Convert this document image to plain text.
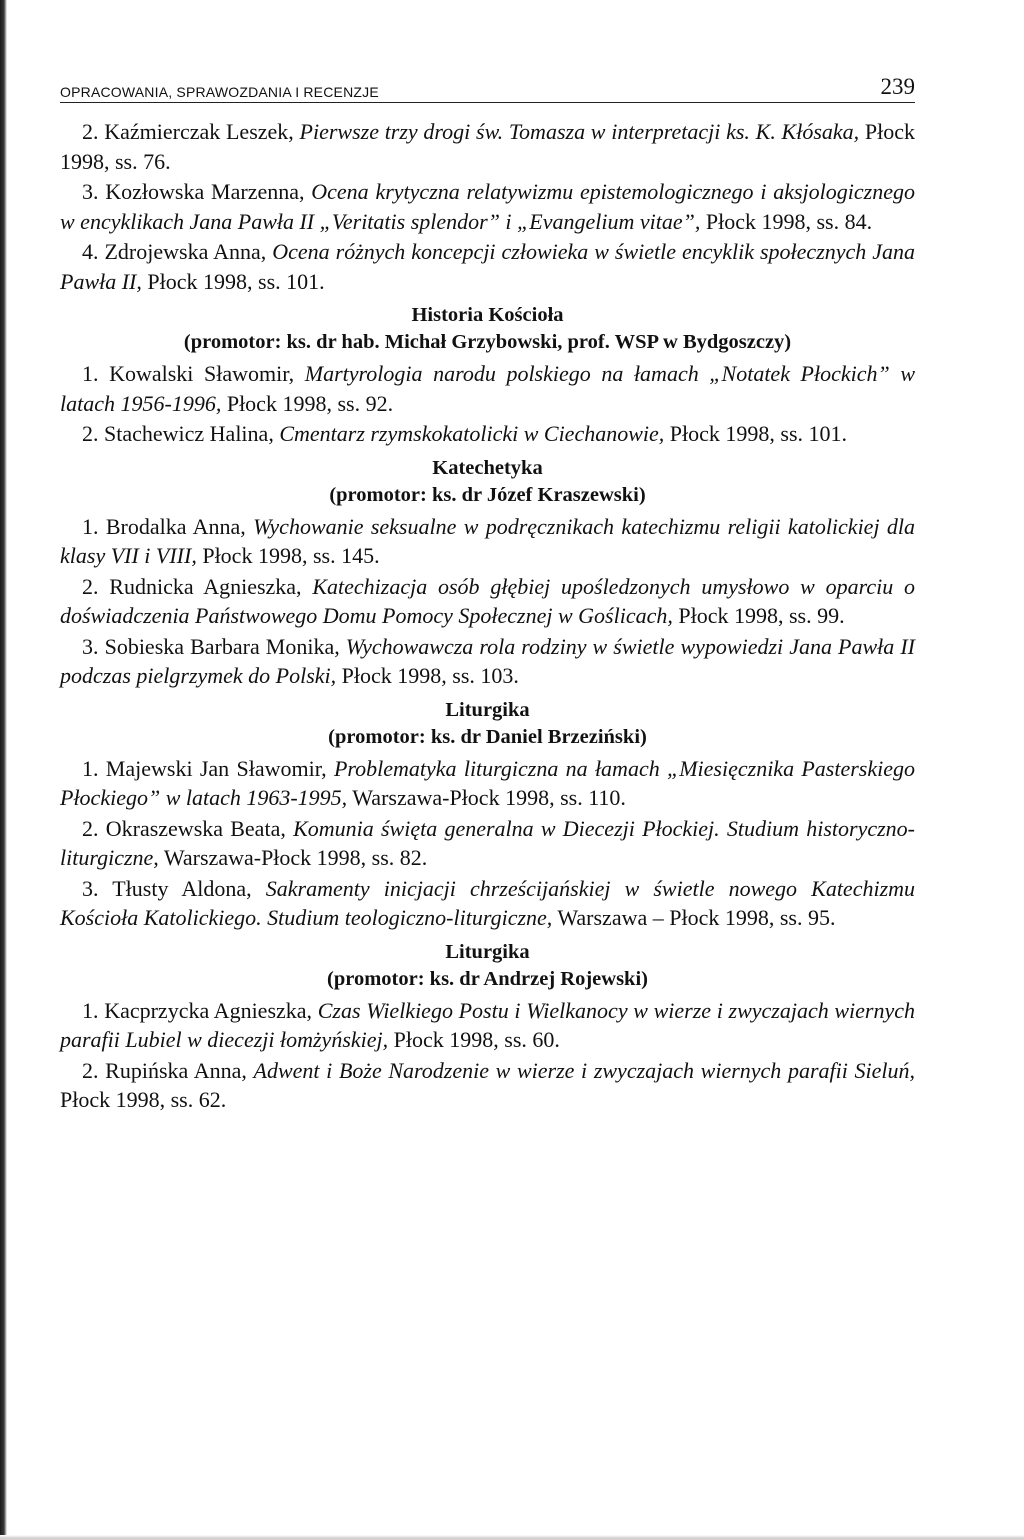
OPRACOWANIA, SPRAWOZDANIA I RECENZJE	239

2. Kaźmierczak Leszek, Pierwsze trzy drogi św. Tomasza w interpretacji ks. K. Kłósaka, Płock 1998, ss. 76.

3. Kozłowska Marzenna, Ocena krytyczna relatywizmu epistemologicznego i aksjologicznego w encyklikach Jana Pawła II „Veritatis splendor” i „Evangelium vitae”, Płock 1998, ss. 84.

4. Zdrojewska Anna, Ocena różnych koncepcji człowieka w świetle encyklik społecznych Jana Pawła II, Płock 1998, ss. 101.

Historia Kościoła
(promotor: ks. dr hab. Michał Grzybowski, prof. WSP w Bydgoszczy)

1. Kowalski Sławomir, Martyrologia narodu polskiego na łamach „Notatek Płockich” w latach 1956-1996, Płock 1998, ss. 92.

2. Stachewicz Halina, Cmentarz rzymskokatolicki w Ciechanowie, Płock 1998, ss. 101.

Katechetyka
(promotor: ks. dr Józef Kraszewski)

1. Brodalka Anna, Wychowanie seksualne w podręcznikach katechizmu religii katolickiej dla klasy VII i VIII, Płock 1998, ss. 145.

2. Rudnicka Agnieszka, Katechizacja osób głębiej upośledzonych umysłowo w oparciu o doświadczenia Państwowego Domu Pomocy Społecznej w Goślicach, Płock 1998, ss. 99.

3. Sobieska Barbara Monika, Wychowawcza rola rodziny w świetle wypowiedzi Jana Pawła II podczas pielgrzymek do Polski, Płock 1998, ss. 103.

Liturgika
(promotor: ks. dr Daniel Brzeziński)

1. Majewski Jan Sławomir, Problematyka liturgiczna na łamach „Miesięcznika Pasterskiego Płockiego” w latach 1963-1995, Warszawa-Płock 1998, ss. 110.

2. Okraszewska Beata, Komunia święta generalna w Diecezji Płockiej. Studium historyczno-liturgiczne, Warszawa-Płock 1998, ss. 82.

3. Tłusty Aldona, Sakramenty inicjacji chrześcijańskiej w świetle nowego Katechizmu Kościoła Katolickiego. Studium teologiczno-liturgiczne, Warszawa – Płock 1998, ss. 95.

Liturgika
(promotor: ks. dr Andrzej Rojewski)

1. Kacprzycka Agnieszka, Czas Wielkiego Postu i Wielkanocy w wierze i zwyczajach wiernych parafii Lubiel w diecezji łomżyńskiej, Płock 1998, ss. 60.

2. Rupińska Anna, Adwent i Boże Narodzenie w wierze i zwyczajach wiernych parafii Sieluń, Płock 1998, ss. 62.
